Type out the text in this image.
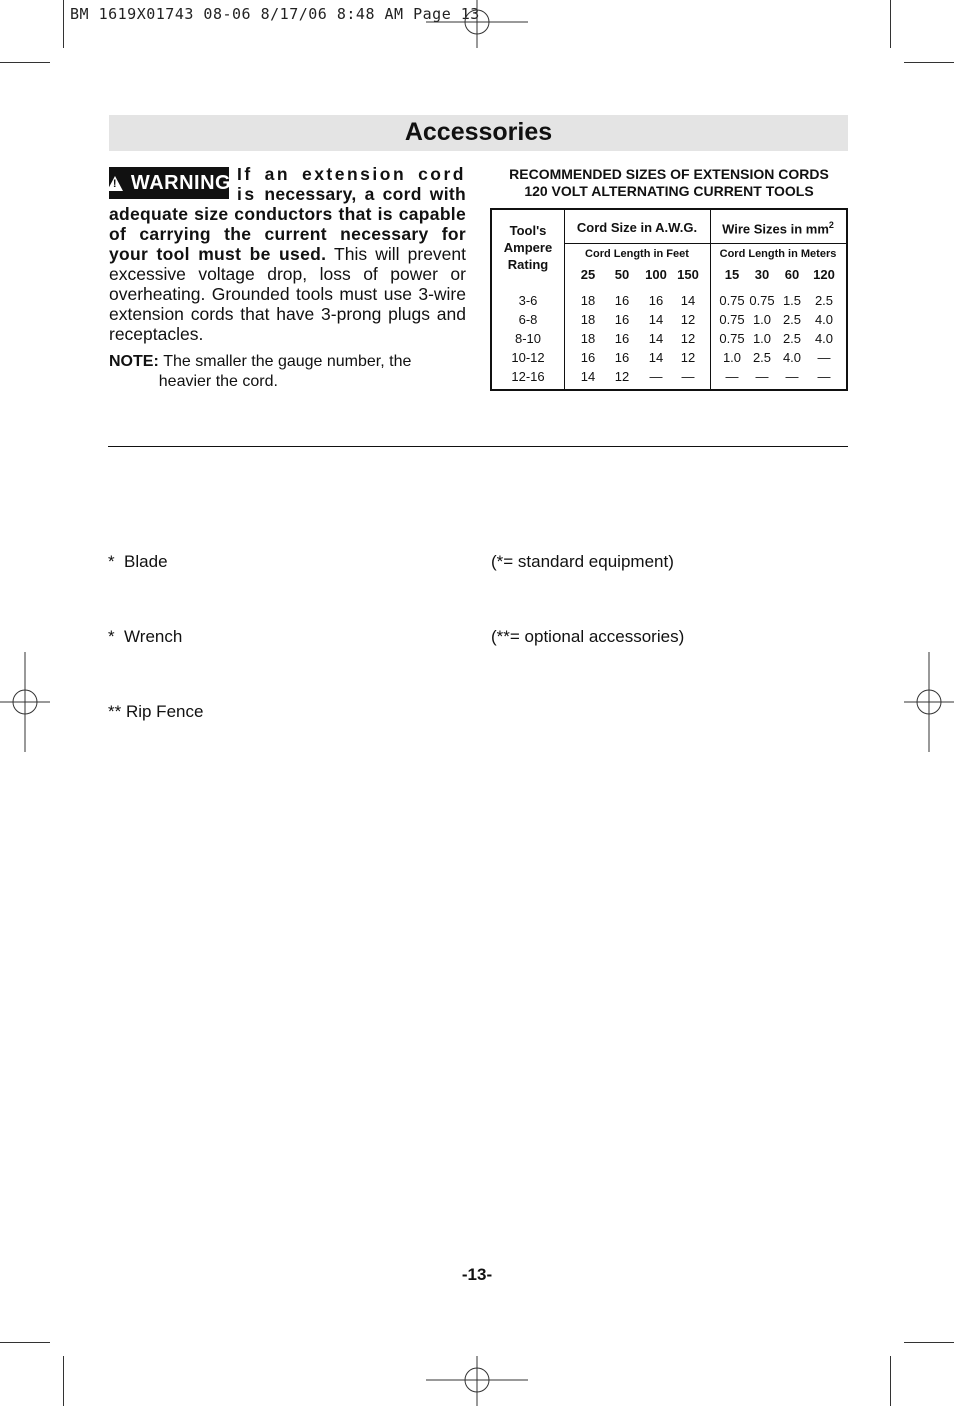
BM 1619X01743 08-06 8/17/06 8:48 AM Page 13
Accessories
!
WARNING If an extension cord is necessary, a cord with adequate size conductors that is capable of carrying the current necessary for your tool must be used. This will prevent excessive voltage drop, loss of power or overheating. Grounded tools must use 3-wire extension cords that have 3-prong plugs and receptacles.
NOTE: The smaller the gauge number, the heavier the cord.
RECOMMENDED SIZES OF EXTENSION CORDS
120 VOLT ALTERNATING CURRENT TOOLS
Tool's
Ampere
Rating
Cord Size in A.W.G.	Wire Sizes in $mm^2$
Cord Length in Feet	Cord Length in Meters
25	50	100 150	15	30	60	120
3-6	18	16	16	14	0.75 0.75 1.5	2.5
6-8	18	16	14	12	0.75 1.0 2.5	4.0
8-10	18	16	14	12	0.75 1.0 2.5	4.0
10-12	16	16	14	12	1.0 2.5 4.0	—
12-16	14	12	—	—	—	—	—	—

*  Blade

*  Wrench

** Rip Fence

(*= standard equipment)

(**= optional accessories)

-13-
